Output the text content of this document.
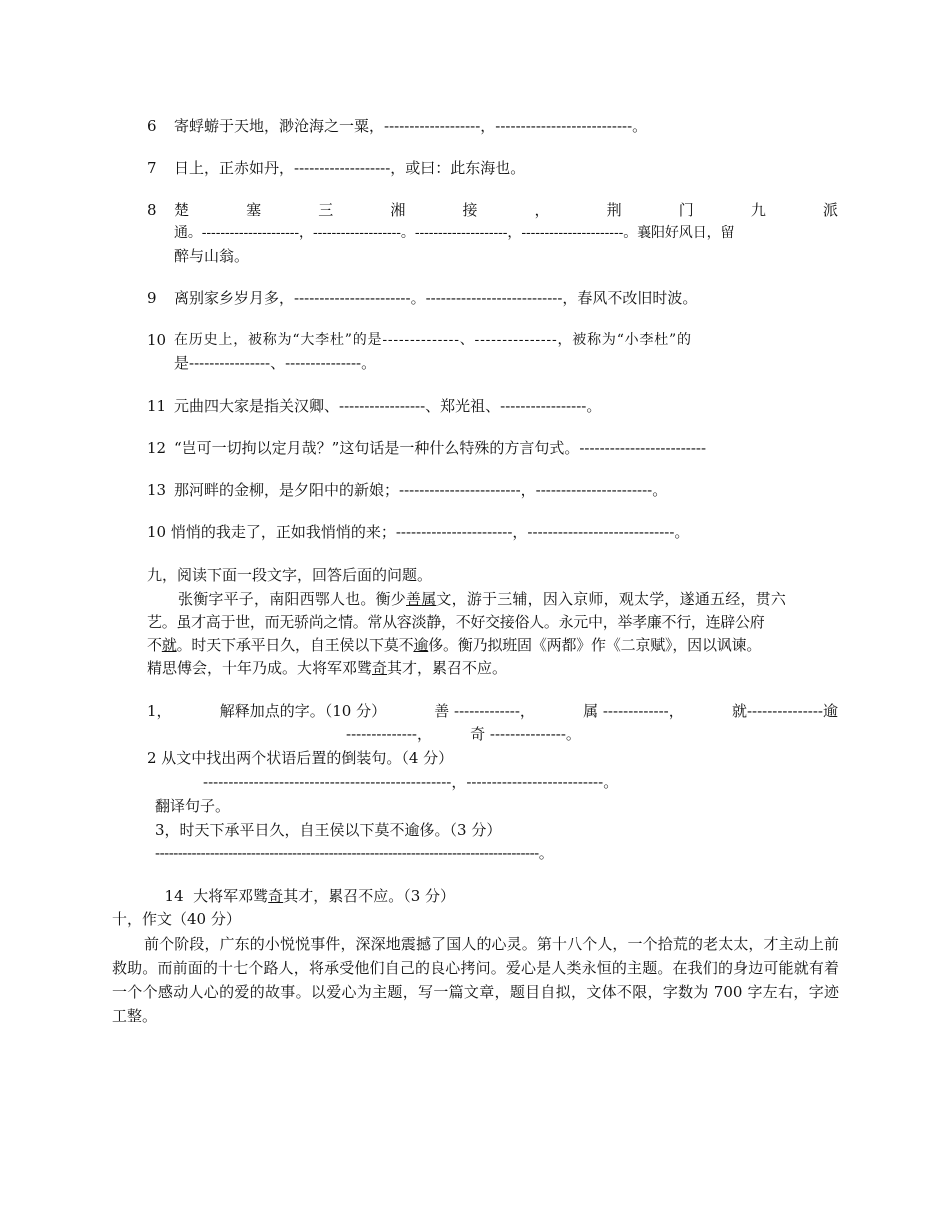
6 寄蜉蝣于天地，渺沧海之一粟，-------------------，---------------------------。
7 日上，正赤如丹，-------------------，或曰：此东海也。
8 楚	塞	三	湘	接	，	荆	门	九	派
通。---------------------，-------------------。--------------------，----------------------。襄阳好风日，留
醉与山翁。
9 离别家乡岁月多，-----------------------。---------------------------，春风不改旧时波。
10 在历史上，被称为“大李杜”的是--------------、---------------，被称为“小李杜”的
是----------------、---------------。
11 元曲四大家是指关汉卿、-----------------、郑光祖、-----------------。
12 “岂可一切拘以定月哉？”这句话是一种什么特殊的方言句式。-------------------------
13 那河畔的金柳，是夕阳中的新娘；------------------------，-----------------------。
10 悄悄的我走了，正如我悄悄的来；-----------------------，-----------------------------。
九，阅读下面一段文字，回答后面的问题。
张衡字平子，南阳西鄂人也。衡少善属文，游于三辅，因入京师，观太学，遂通五经，贯六
艺。虽才高于世，而无骄尚之情。常从容淡静，不好交接俗人。永元中，举孝廉不行，连辟公府
不就。时天下承平日久，自王侯以下莫不逾侈。衡乃拟班固《两都》作《二京赋》，因以讽谏。
精思傅会，十年乃成。大将军邓骘奇其才，累召不应。
1，	解释加点的字。（10 分）	善 -------------，	属 -------------，	就---------------逾
--------------，        奇 ---------------。
2 从文中找出两个状语后置的倒装句。（4 分）
-------------------------------------------------，---------------------------。
翻译句子。
3，时天下承平日久，自王侯以下莫不逾侈。（3 分）
------------------------------------------------------------------------------------。

14  大将军邓骘奇其才，累召不应。（3 分）

十，作文（40 分）
前个阶段，广东的小悦悦事件，深深地震撼了国人的心灵。第十八个人，一个拾荒的老太太，才主动上前救助。而前面的十七个路人，将承受他们自己的良心拷问。爱心是人类永恒的主题。在我们的身边可能就有着一个个感动人心的爱的故事。以爱心为主题，写一篇文章，题目自拟，文体不限，字数为 700 字左右，字迹工整。
